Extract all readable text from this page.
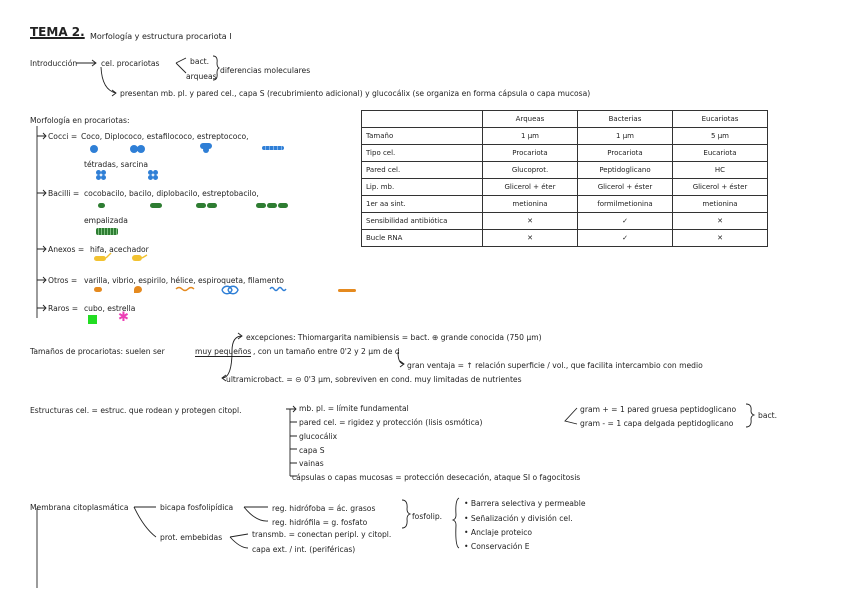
TEMA 2. Morfología y estructura procariota I
Introducción	cel. procariotas	bact.
arqueas
diferencias moleculares
presentan mb. pl. y pared cel., capa S (recubrimiento adicional) y glucocálix (se organiza en forma cápsula o capa mucosa)
Morfología en procariotas:
Cocci = Coco, Diplococo, estafilococo, estreptococo,
tétradas, sarcina
Bacilli = cocobacilo, bacilo, diplobacilo, estreptobacilo,
empalizada
Anexos = hifa, acechador
Otros = varilla, vibrio, espirilo, hélice, espiroqueta, filamento
Raros = cubo, estrella
✱
	Arqueas	Bacterias	Eucariotas
Tamaño	1 μm	1 μm	5 μm
Tipo cel.	Procariota	Procariota	Eucariota
Pared cel.	Glucoprot.	Peptidoglicano	HC
Lip. mb.	Glicerol + éter	Glicerol + éster	Glicerol + éster
1er aa sint.	metionina	formilmetionina	metionina
Sensibilidad antibiótica	✕	✓	✕
Bucle RNA	✕	✓	✕
excepciones: Thiomargarita namibiensis = bact. ⊕ grande conocida (750 μm)
Tamaños de procariotas: suelen ser	muy pequeños , con un tamaño entre 0'2 y 2 μm de d
gran ventaja = ↑ relación superficie / vol., que facilita intercambio con medio
ultramicrobact. = ⊝ 0'3 μm, sobreviven en cond. muy limitadas de nutrientes
Estructuras cel. = estruc. que rodean y protegen citopl.	mb. pl. = límite fundamental
pared cel. = rigidez y protección (lisis osmótica)
glucocálix
capa S
vainas
cápsulas o capas mucosas = protección desecación, ataque SI o fagocitosis
gram + = 1 pared gruesa peptidoglicano
gram - = 1 capa delgada peptidoglicano
bact.
Membrana citoplasmática	bicapa fosfolipídica	reg. hidrófoba = ác. grasos
reg. hidrófila = g. fosfato
fosfolip.
prot. embebidas	transmb. = conectan peripl. y citopl.
capa ext. / int. (periféricas)
• Barrera selectiva y permeable
• Señalización y división cel.
• Anclaje proteico
• Conservación E
